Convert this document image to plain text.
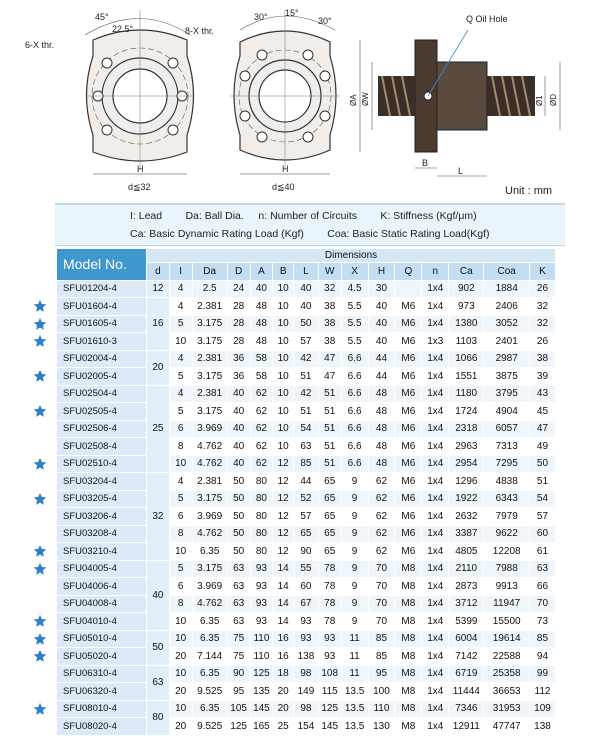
45°
22.5°
6-X thr.
H
d≦32
30° 15°
30°
8-X thr.
H
d≦40
Q Oil Hole
ØA ØW	Ø1 ØD
B
L
Unit : mm
I: Lead        Da: Ball Dia.     n: Number of Circuits        K: Stiffness (Kgf/μm)
Ca: Basic Dynamic Rating Load (Kgf)        Coa: Basic Static Rating Load(Kgf)
Model No.	Dimensions														
	d	I	Da	D	A	B	L	W	X	H	Q	n	Ca	Coa	K
SFU01204-4	12	4	2.5	24	40	10	40	32	4.5	30		1x4	902	1884	26
SFU01604-4	16	4	2.381	28	48	10	40	38	5.5	40	M6	1x4	973	2406	32
SFU01605-4		5	3.175	28	48	10	50	38	5.5	40	M6	1x4	1380	3052	32
SFU01610-3		10	3.175	28	48	10	57	38	5.5	40	M6	1x3	1103	2401	26
SFU02004-4	20	4	2.381	36	58	10	42	47	6.6	44	M6	1x4	1066	2987	38
SFU02005-4		5	3.175	36	58	10	51	47	6.6	44	M6	1x4	1551	3875	39
SFU02504-4	25	4	2.381	40	62	10	42	51	6.6	48	M6	1x4	1180	3795	43
SFU02505-4		5	3.175	40	62	10	51	51	6.6	48	M6	1x4	1724	4904	45
SFU02506-4		6	3.969	40	62	10	54	51	6.6	48	M6	1x4	2318	6057	47
SFU02508-4		8	4.762	40	62	10	63	51	6.6	48	M6	1x4	2963	7313	49
SFU02510-4		10	4.762	40	62	12	85	51	6.6	48	M6	1x4	2954	7295	50
SFU03204-4	32	4	2.381	50	80	12	44	65	9	62	M6	1x4	1296	4838	51
SFU03205-4		5	3.175	50	80	12	52	65	9	62	M6	1x4	1922	6343	54
SFU03206-4		6	3.969	50	80	12	57	65	9	62	M6	1x4	2632	7979	57
SFU03208-4		8	4.762	50	80	12	65	65	9	62	M6	1x4	3387	9622	60
SFU03210-4		10	6.35	50	80	12	90	65	9	62	M6	1x4	4805	12208	61
SFU04005-4	40	5	3.175	63	93	14	55	78	9	70	M8	1x4	2110	7988	63
SFU04006-4		6	3.969	63	93	14	60	78	9	70	M8	1x4	2873	9913	66
SFU04008-4		8	4.762	63	93	14	67	78	9	70	M8	1x4	3712	11947	70
SFU04010-4		10	6.35	63	93	14	93	78	9	70	M8	1x4	5399	15500	73
SFU05010-4	50	10	6.35	75	110	16	93	93	11	85	M8	1x4	6004	19614	85
SFU05020-4		20	7.144	75	110	16	138	93	11	85	M8	1x4	7142	22588	94
SFU06310-4	63	10	6.35	90	125	18	98	108	11	95	M8	1x4	6719	25358	99
SFU06320-4		20	9.525	95	135	20	149	115	13.5	100	M8	1x4	11444	36653	112
SFU08010-4	80	10	6.35	105	145	20	98	125	13.5	110	M8	1x4	7346	31953	109
SFU08020-4		20	9.525	125	165	25	154	145	13.5	130	M8	1x4	12911	47747	138
